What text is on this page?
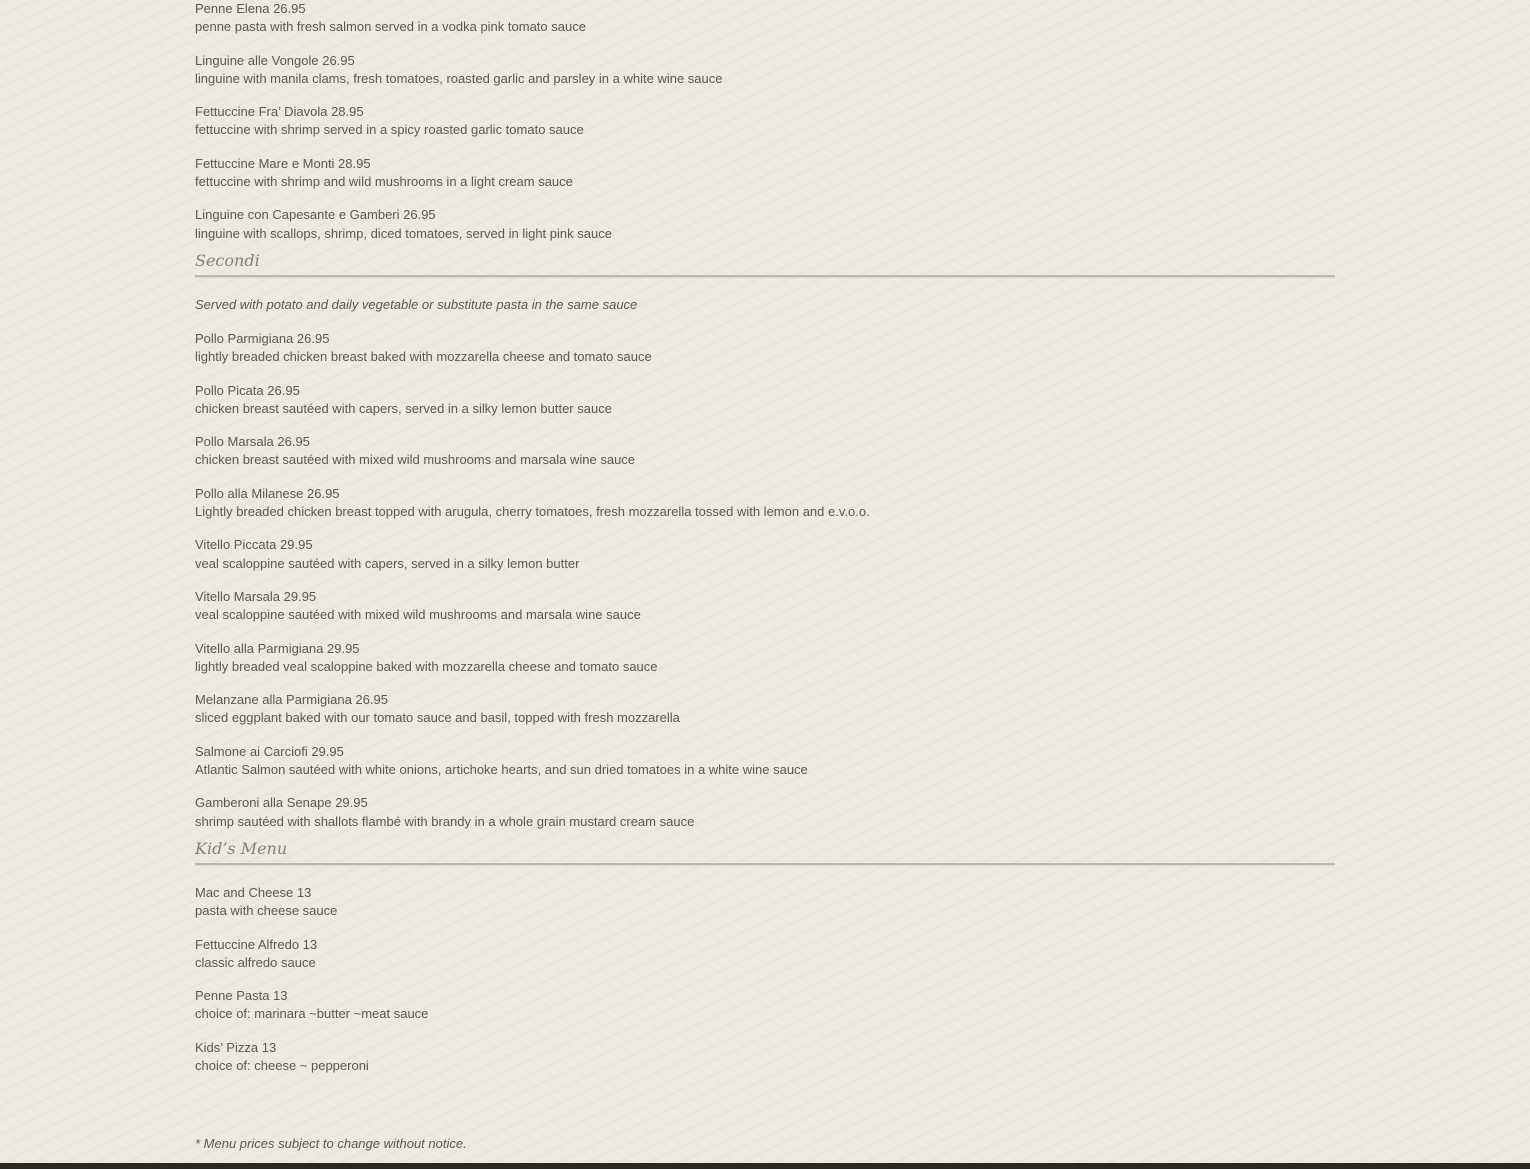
Penne Elena 26.95
penne pasta with fresh salmon served in a vodka pink tomato sauce
Linguine alle Vongole 26.95
linguine with manila clams, fresh tomatoes, roasted garlic and parsley in a white wine sauce
Fettuccine Fra’ Diavola 28.95
fettuccine with shrimp served in a spicy roasted garlic tomato sauce
Fettuccine Mare e Monti 28.95
fettuccine with shrimp and wild mushrooms in a light cream sauce
Linguine con Capesante e Gamberi 26.95
linguine with scallops, shrimp, diced tomatoes, served in light pink sauce
Secondi
Served with potato and daily vegetable or substitute pasta in the same sauce
Pollo Parmigiana 26.95
lightly breaded chicken breast baked with mozzarella cheese and tomato sauce
Pollo Picata 26.95
chicken breast sautéed with capers, served in a silky lemon butter sauce
Pollo Marsala 26.95
chicken breast sautéed with mixed wild mushrooms and marsala wine sauce
Pollo alla Milanese 26.95
Lightly breaded chicken breast topped with arugula, cherry tomatoes, fresh mozzarella tossed with lemon and e.v.o.o.
Vitello Piccata 29.95
veal scaloppine sautéed with capers, served in a silky lemon butter
Vitello Marsala 29.95
veal scaloppine sautéed with mixed wild mushrooms and marsala wine sauce
Vitello alla Parmigiana 29.95
lightly breaded veal scaloppine baked with mozzarella cheese and tomato sauce
Melanzane alla Parmigiana 26.95
sliced eggplant baked with our tomato sauce and basil, topped with fresh mozzarella
Salmone ai Carciofi 29.95
Atlantic Salmon sautéed with white onions, artichoke hearts, and sun dried tomatoes in a white wine sauce
Gamberoni alla Senape 29.95
shrimp sautéed with shallots flambé with brandy in a whole grain mustard cream sauce
Kid’s Menu
Mac and Cheese 13
pasta with cheese sauce
Fettuccine Alfredo 13
classic alfredo sauce
Penne Pasta 13
choice of: marinara ~butter ~meat sauce
Kids’ Pizza 13
choice of: cheese ~ pepperoni
* Menu prices subject to change without notice.
